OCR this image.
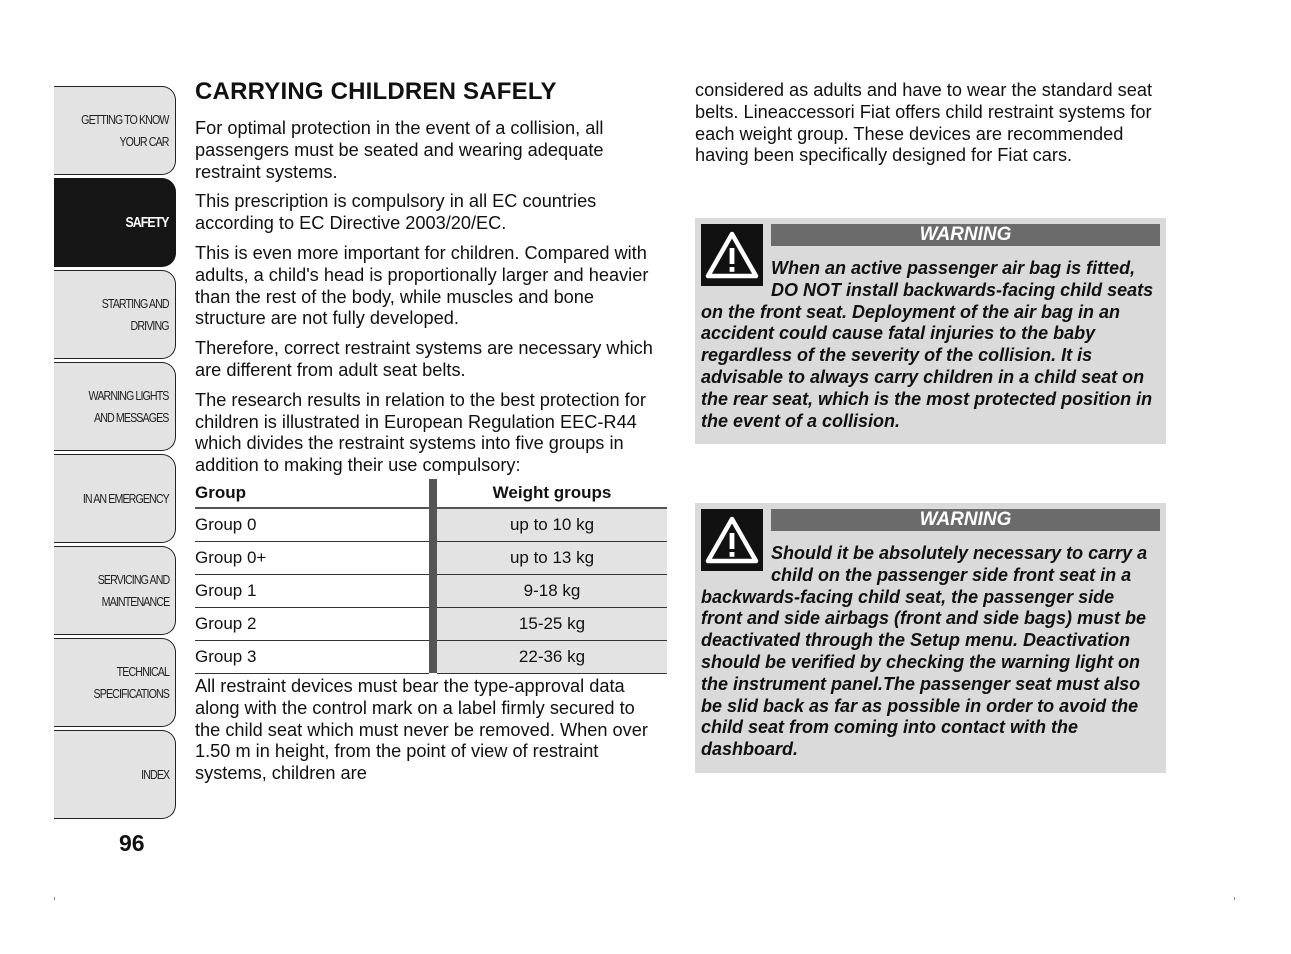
GETTING TO KNOW
YOUR CAR
SAFETY
STARTING AND
DRIVING
WARNING LIGHTS
AND MESSAGES
IN AN EMERGENCY
SERVICING AND
MAINTENANCE
TECHNICAL
SPECIFICATIONS
INDEX
96
CARRYING CHILDREN SAFELY

For optimal protection in the event of a collision, all passengers must be seated and wearing adequate restraint systems.

This prescription is compulsory in all EC countries according to EC Directive 2003/20/EC.

This is even more important for children. Compared with adults, a child's head is proportionally larger and heavier than the rest of the body, while muscles and bone structure are not fully developed.

Therefore, correct restraint systems are necessary which are different from adult seat belts.

The research results in relation to the best protection for children is illustrated in European Regulation EEC-R44 which divides the restraint systems into five groups in addition to making their use compulsory:

Group		Weight groups
Group 0		up to 10 kg
Group 0+		up to 13 kg
Group 1		9-18 kg
Group 2		15-25 kg
Group 3		22-36 kg

All restraint devices must bear the type-approval data along with the control mark on a label firmly secured to the child seat which must never be removed. When over 1.50 m in height, from the point of view of restraint systems, children are

considered as adults and have to wear the standard seat belts. Lineaccessori Fiat offers child restraint systems for each weight group. These devices are recommended having been specifically designed for Fiat cars.

WARNING
When an active passenger air bag is fitted, DO NOT install backwards-facing child seats on the front seat. Deployment of the air bag in an accident could cause fatal injuries to the baby regardless of the severity of the collision. It is advisable to always carry children in a child seat on the rear seat, which is the most protected position in the event of a collision.
WARNING
Should it be absolutely necessary to carry a child on the passenger side front seat in a backwards-facing child seat, the passenger side front and side airbags (front and side bags) must be deactivated through the Setup menu. Deactivation should be verified by checking the warning light on the instrument panel.The passenger seat must also be slid back as far as possible in order to avoid the child seat from coming into contact with the dashboard.
